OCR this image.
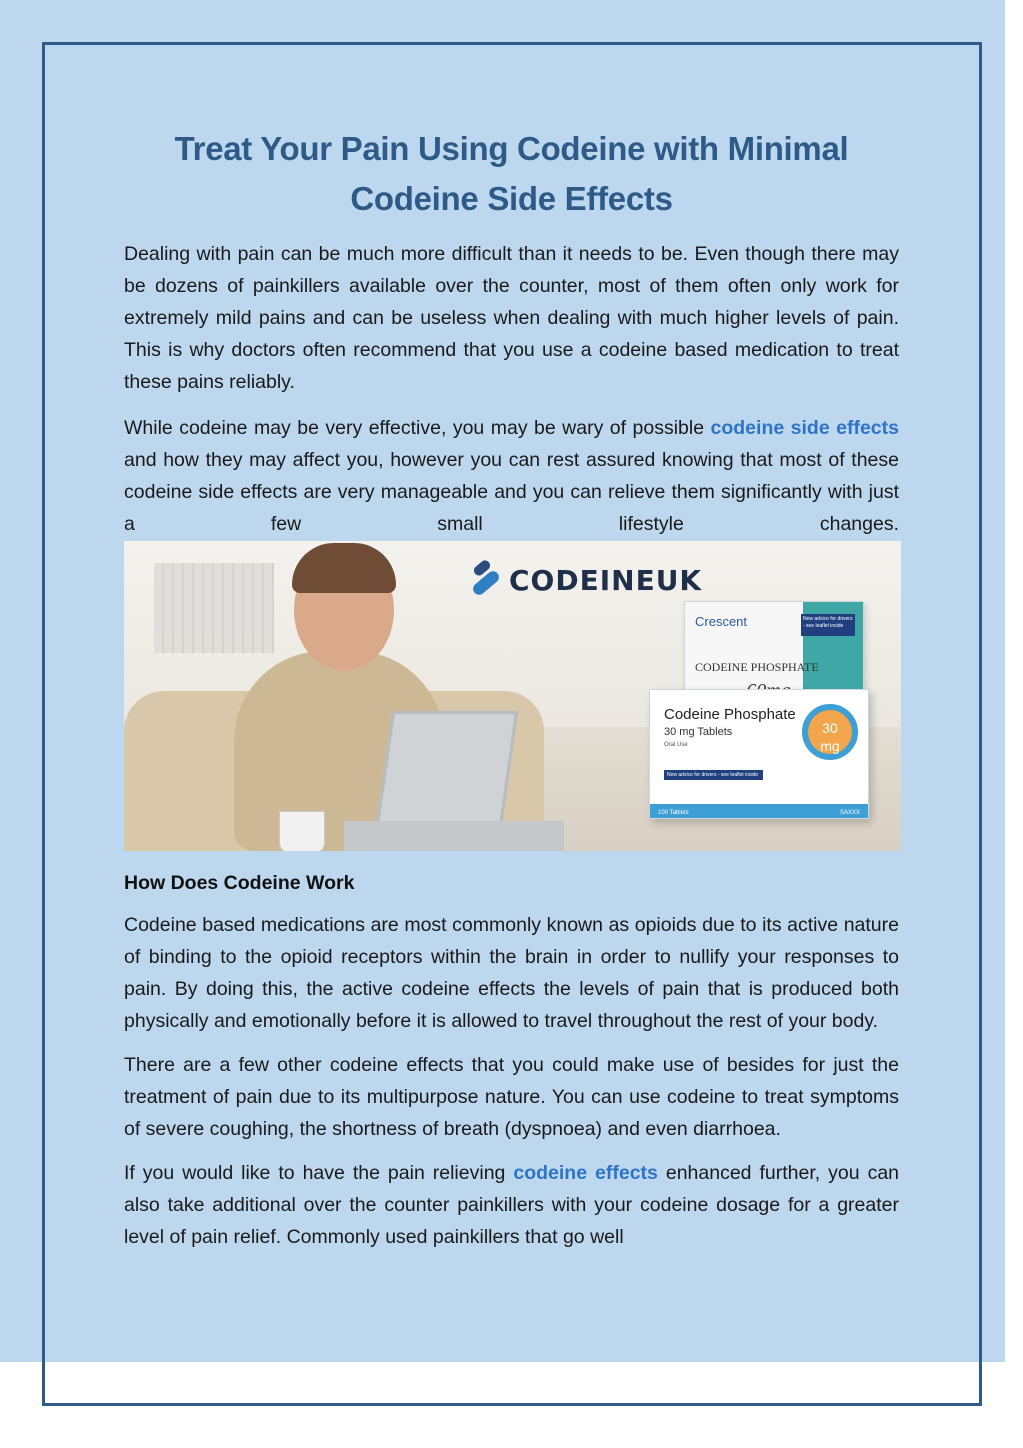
Treat Your Pain Using Codeine with Minimal Codeine Side Effects

Dealing with pain can be much more difficult than it needs to be. Even though there may be dozens of painkillers available over the counter, most of them often only work for extremely mild pains and can be useless when dealing with much higher levels of pain. This is why doctors often recommend that you use a codeine based medication to treat these pains reliably.

While codeine may be very effective, you may be wary of possible codeine side effects and how they may affect you, however you can rest assured knowing that most of these codeine side effects are very manageable and you can relieve them significantly with just a few small lifestyle changes.

CODEINEUK
Crescent	New advice for drivers - see leaflet inside
CODEINE PHOSPHATE
Codeine Phosphate
30 mg Tablets
Oral Use
New advice for drivers - see leaflet inside
30
mg
100 Tablets	SAXXX
How Does Codeine Work

Codeine based medications are most commonly known as opioids due to its active nature of binding to the opioid receptors within the brain in order to nullify your responses to pain. By doing this, the active codeine effects the levels of pain that is produced both physically and emotionally before it is allowed to travel throughout the rest of your body.

There are a few other codeine effects that you could make use of besides for just the treatment of pain due to its multipurpose nature. You can use codeine to treat symptoms of severe coughing, the shortness of breath (dyspnoea) and even diarrhoea.

If you would like to have the pain relieving codeine effects enhanced further, you can also take additional over the counter painkillers with your codeine dosage for a greater level of pain relief. Commonly used painkillers that go well
